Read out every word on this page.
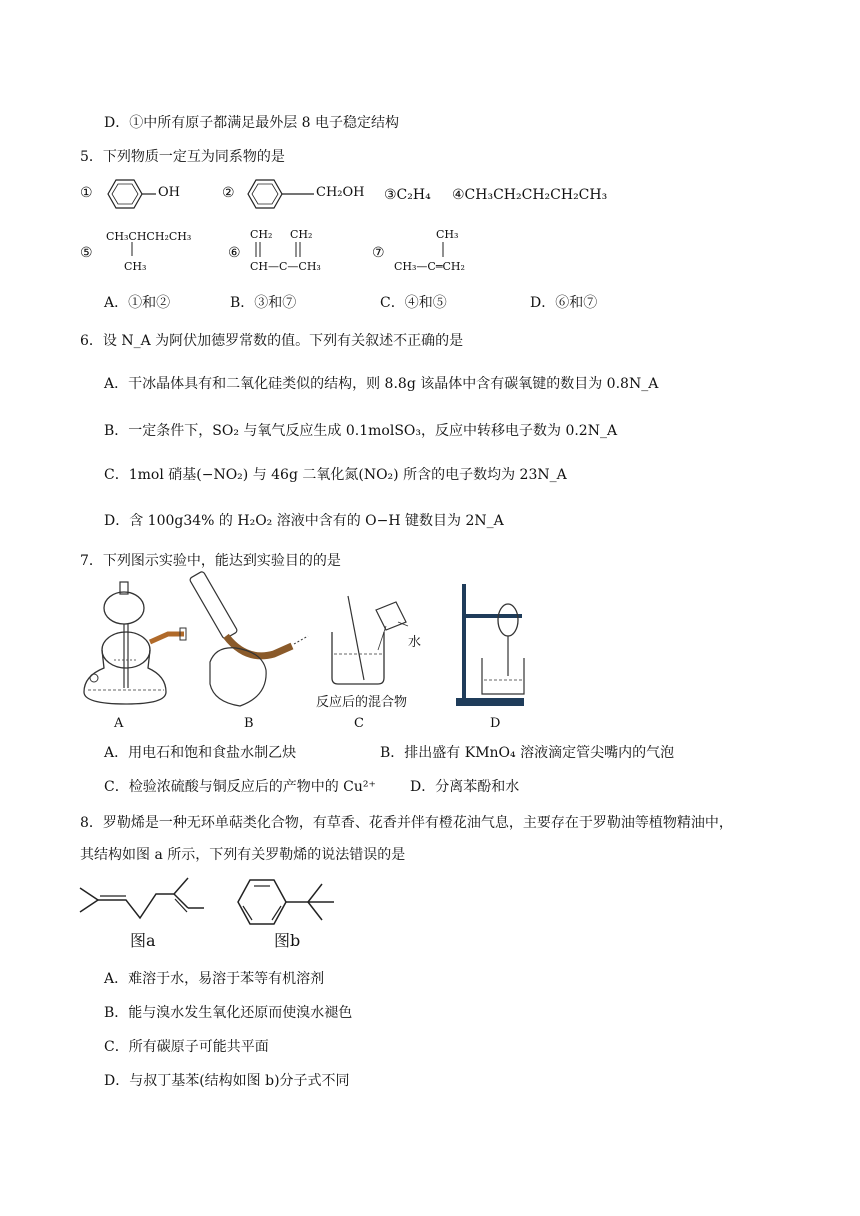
D．①中所有原子都满足最外层 8 电子稳定结构
5．下列物质一定互为同系物的是
①	OH	②	CH₂OH ③C₂H₄ ④CH₃CH₂CH₂CH₂CH₃
⑤
CH₃CHCH₂CH₃
CH₃
⑥
CH₂ CH₂
CH—C—CH₃
⑦
CH₃
CH₃—C═CH₂
A．①和②	B．③和⑦	C．④和⑤	D．⑥和⑦
6．设 N_A 为阿伏加德罗常数的值。下列有关叙述不正确的是
A．干冰晶体具有和二氧化硅类似的结构，则 8.8g 该晶体中含有碳氧键的数目为 0.8N_A
B．一定条件下，SO₂ 与氧气反应生成 0.1molSO₃，反应中转移电子数为 0.2N_A
C．1mol 硝基(−NO₂) 与 46g 二氧化氮(NO₂) 所含的电子数均为 23N_A
D．含 100g34% 的 H₂O₂ 溶液中含有的 O−H 键数目为 2N_A
7．下列图示实验中，能达到实验目的的是
A	B
水
反应后的混合物
C	D
A．用电石和饱和食盐水制乙炔	B．排出盛有 KMnO₄ 溶液滴定管尖嘴内的气泡
C．检验浓硫酸与铜反应后的产物中的 Cu²⁺ D．分离苯酚和水
8．罗勒烯是一种无环单萜类化合物，有草香、花香并伴有橙花油气息，主要存在于罗勒油等植物精油中，
其结构如图 a 所示，下列有关罗勒烯的说法错误的是
图a	图b
A．难溶于水，易溶于苯等有机溶剂
B．能与溴水发生氧化还原而使溴水褪色
C．所有碳原子可能共平面
D．与叔丁基苯(结构如图 b)分子式不同
